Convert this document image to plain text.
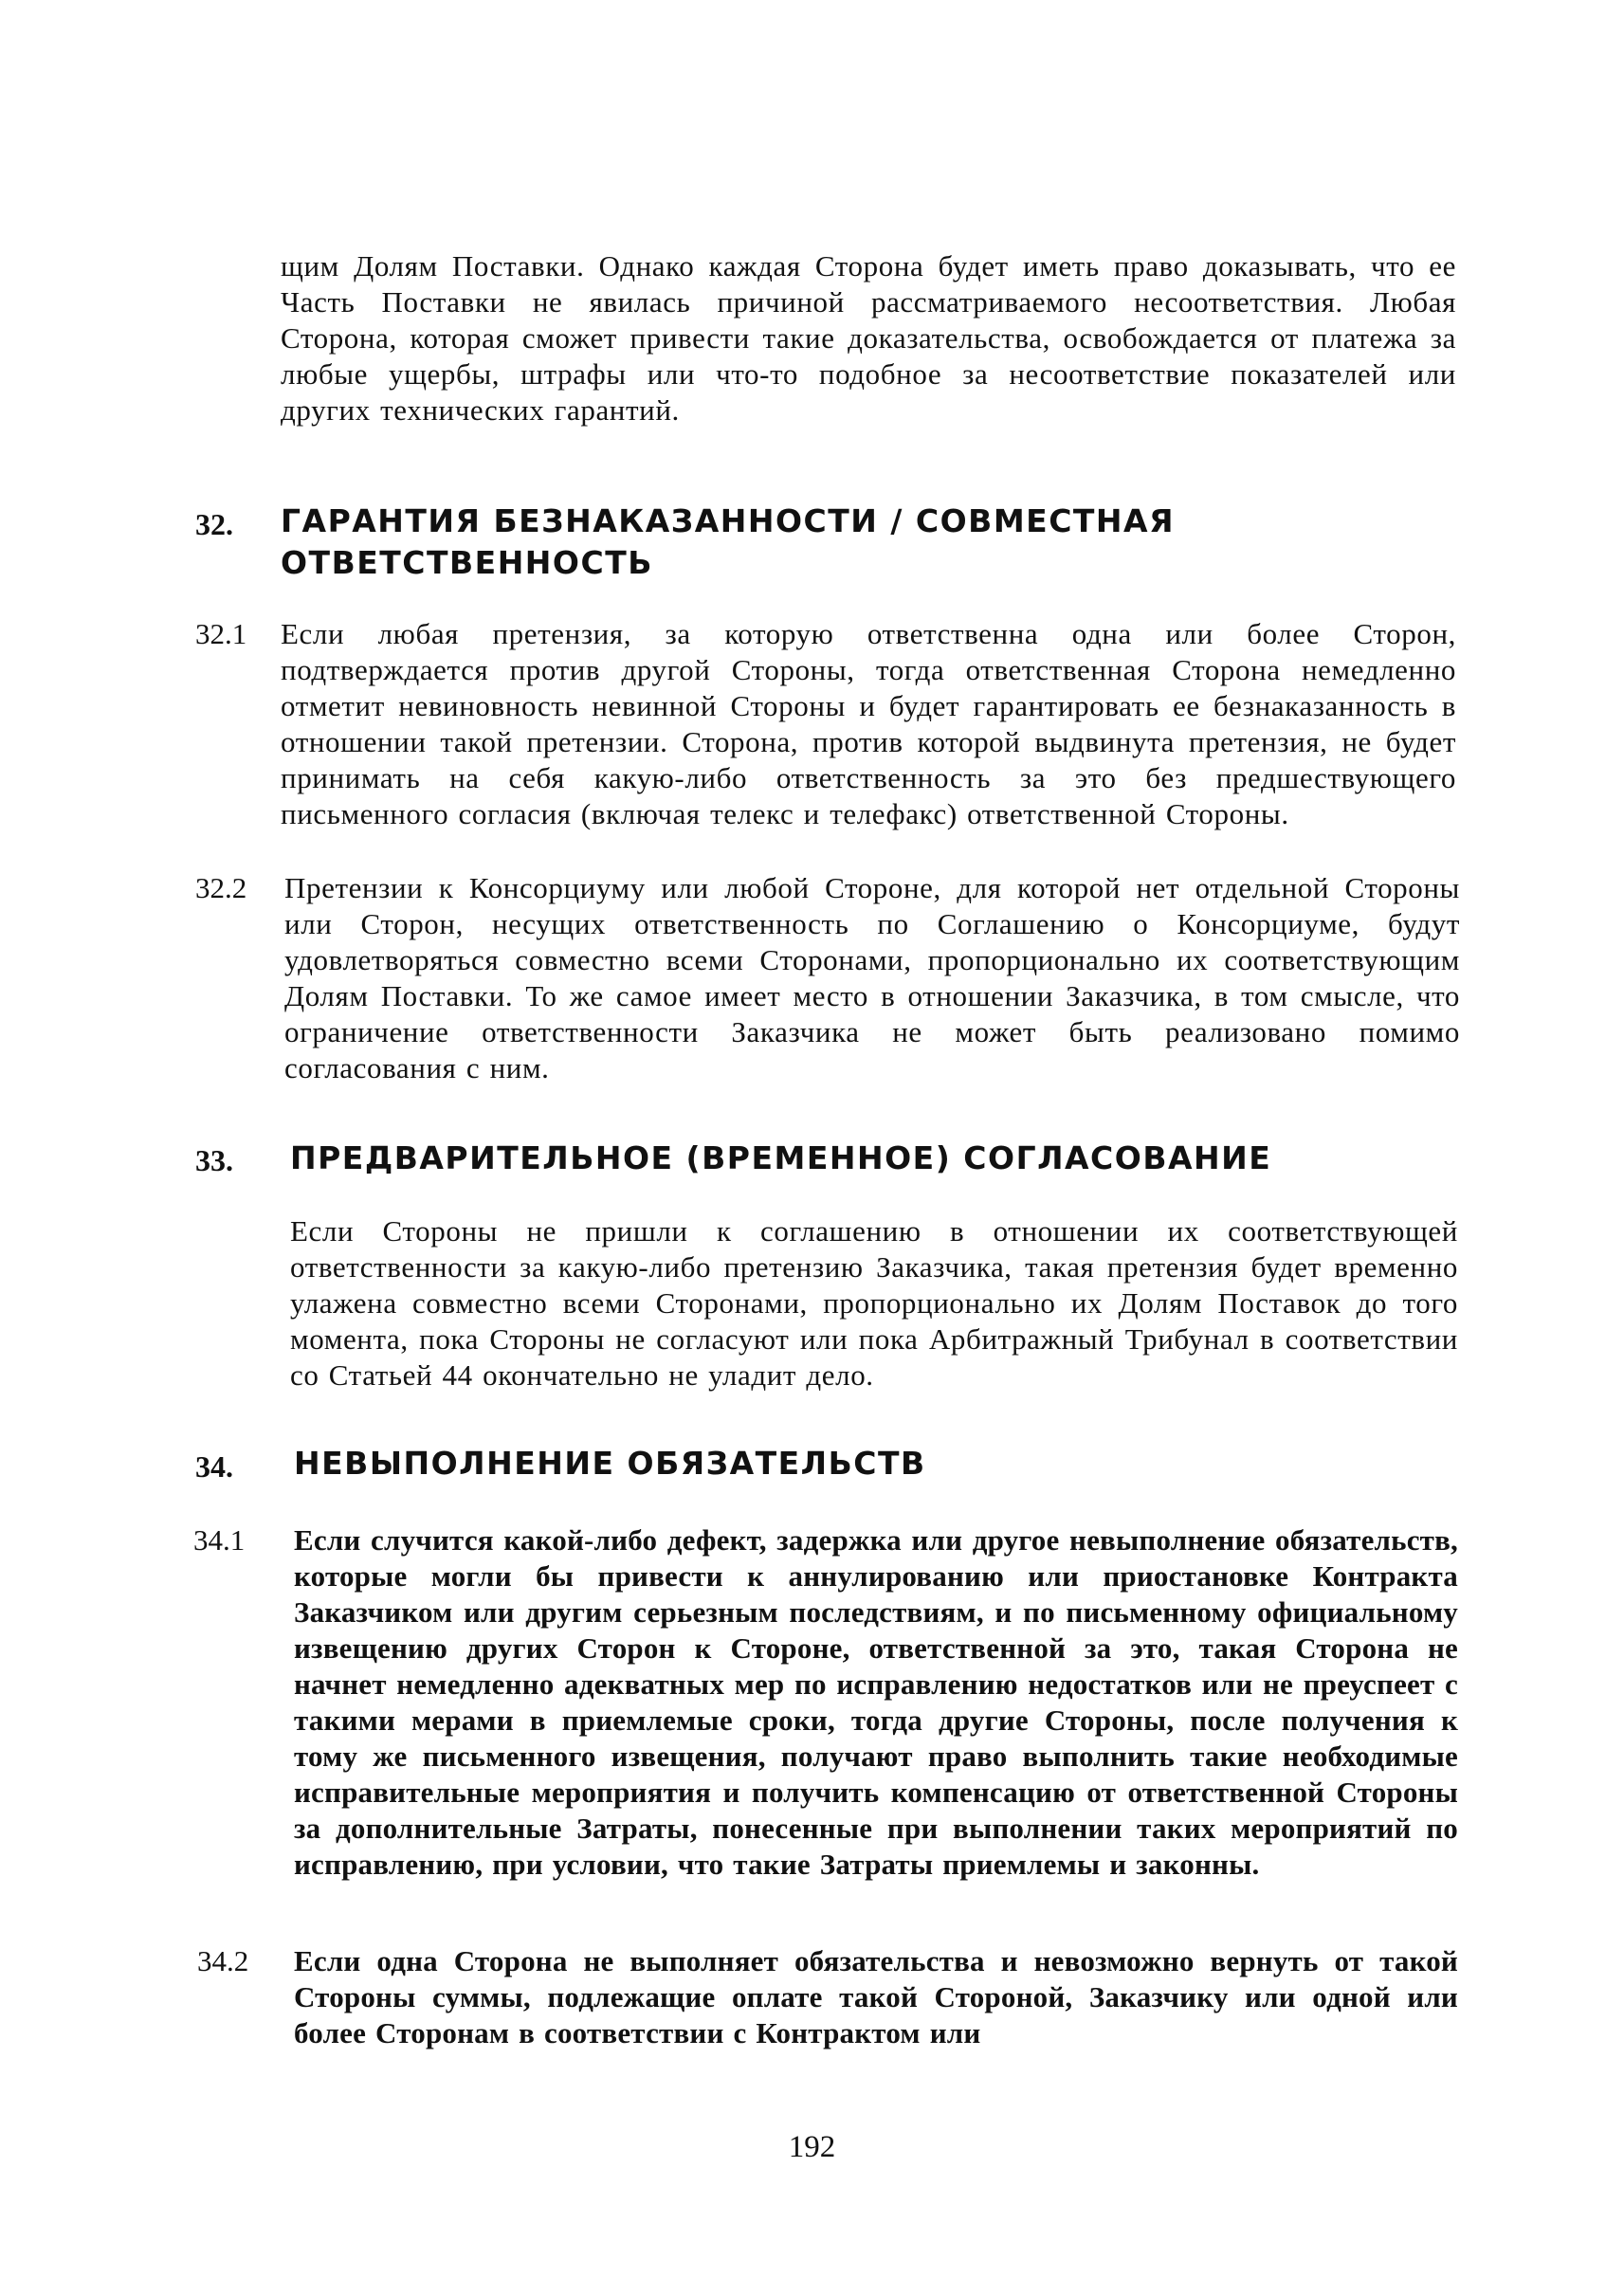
щим Долям Поставки. Однако каждая Сторона будет иметь право доказывать, что ее Часть Поставки не явилась причиной рассматриваемого несоответствия. Любая Сторона, которая сможет привести такие доказательства, освобождается от платежа за любые ущербы, штрафы или что-то подобное за несоответствие показателей или других технических гарантий.
32. ГАРАНТИЯ БЕЗНАКАЗАННОСТИ / СОВМЕСТНАЯ
ОТВЕТСТВЕННОСТЬ
32.1 Если любая претензия, за которую ответственна одна или более Сторон, подтверждается против другой Стороны, тогда ответственная Сторона немедленно отметит невиновность невинной Стороны и будет гарантировать ее безнаказанность в отношении такой претензии. Сторона, против которой выдвинута претензия, не будет принимать на себя какую-либо ответственность за это без предшествующего письменного согласия (включая телекс и телефакс) ответственной Стороны.
32.2 Претензии к Консорциуму или любой Стороне, для которой нет отдельной Стороны или Сторон, несущих ответственность по Соглашению о Консорциуме, будут удовлетворяться совместно всеми Сторонами, пропорционально их соответствующим Долям Поставки. То же самое имеет место в отношении Заказчика, в том смысле, что ограничение ответственности Заказчика не может быть реализовано помимо согласования с ним.
33. ПРЕДВАРИТЕЛЬНОЕ (ВРЕМЕННОЕ) СОГЛАСОВАНИЕ
Если Стороны не пришли к соглашению в отношении их соответствующей ответственности за какую-либо претензию Заказчика, такая претензия будет временно улажена совместно всеми Сторонами, пропорционально их Долям Поставок до того момента, пока Стороны не согласуют или пока Арбитражный Трибунал в соответствии со Статьей 44 окончательно не уладит дело.
34. НЕВЫПОЛНЕНИЕ ОБЯЗАТЕЛЬСТВ
34.1 Если случится какой-либо дефект, задержка или другое невыполнение обязательств, которые могли бы привести к аннулированию или приостановке Контракта Заказчиком или другим серьезным последствиям, и по письменному официальному извещению других Сторон к Стороне, ответственной за это, такая Сторона не начнет немедленно адекватных мер по исправлению недостатков или не преуспеет с такими мерами в приемлемые сроки, тогда другие Стороны, после получения к тому же письменного извещения, получают право выполнить такие необходимые исправительные мероприятия и получить компенсацию от ответственной Стороны за дополнительные Затраты, понесенные при выполнении таких мероприятий по исправлению, при условии, что такие Затраты приемлемы и законны.
34.2 Если одна Сторона не выполняет обязательства и невозможно вернуть от такой Стороны суммы, подлежащие оплате такой Стороной, Заказчику или одной или более Сторонам в соответствии с Контрактом или
192
